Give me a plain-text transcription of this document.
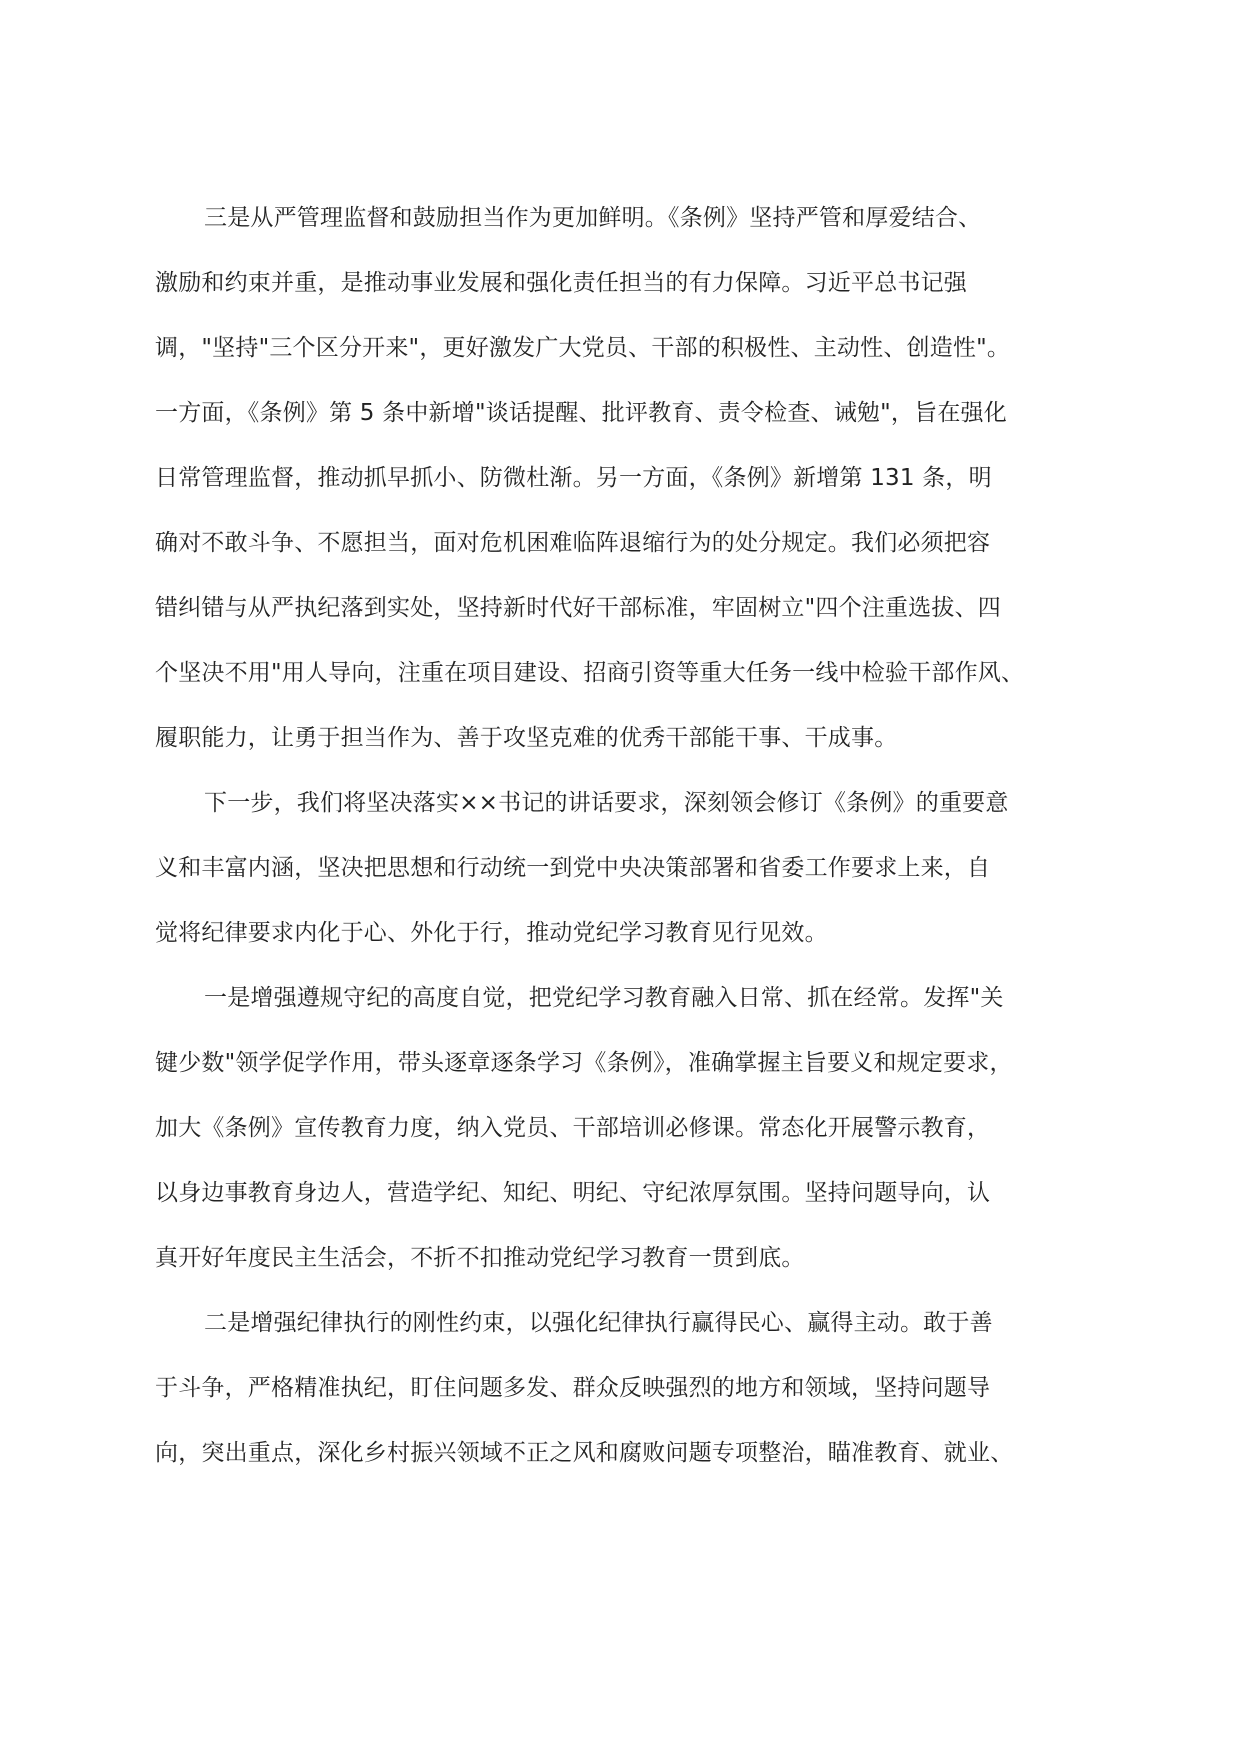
三是从严管理监督和鼓励担当作为更加鲜明。《条例》坚持严管和厚爱结合、
激励和约束并重，是推动事业发展和强化责任担当的有力保障。习近平总书记强
调，"坚持"三个区分开来"，更好激发广大党员、干部的积极性、主动性、创造性"。
一方面，《条例》第 5 条中新增"谈话提醒、批评教育、责令检查、诫勉"，旨在强化
日常管理监督，推动抓早抓小、防微杜渐。另一方面，《条例》新增第 131 条，明
确对不敢斗争、不愿担当，面对危机困难临阵退缩行为的处分规定。我们必须把容
错纠错与从严执纪落到实处，坚持新时代好干部标准，牢固树立"四个注重选拔、四
个坚决不用"用人导向，注重在项目建设、招商引资等重大任务一线中检验干部作风、
履职能力，让勇于担当作为、善于攻坚克难的优秀干部能干事、干成事。
下一步，我们将坚决落实××书记的讲话要求，深刻领会修订《条例》的重要意
义和丰富内涵，坚决把思想和行动统一到党中央决策部署和省委工作要求上来，自
觉将纪律要求内化于心、外化于行，推动党纪学习教育见行见效。
一是增强遵规守纪的高度自觉，把党纪学习教育融入日常、抓在经常。发挥"关
键少数"领学促学作用，带头逐章逐条学习《条例》，准确掌握主旨要义和规定要求，
加大《条例》宣传教育力度，纳入党员、干部培训必修课。常态化开展警示教育，
以身边事教育身边人，营造学纪、知纪、明纪、守纪浓厚氛围。坚持问题导向，认
真开好年度民主生活会，不折不扣推动党纪学习教育一贯到底。
二是增强纪律执行的刚性约束，以强化纪律执行赢得民心、赢得主动。敢于善
于斗争，严格精准执纪，盯住问题多发、群众反映强烈的地方和领域，坚持问题导
向，突出重点，深化乡村振兴领域不正之风和腐败问题专项整治，瞄准教育、就业、
